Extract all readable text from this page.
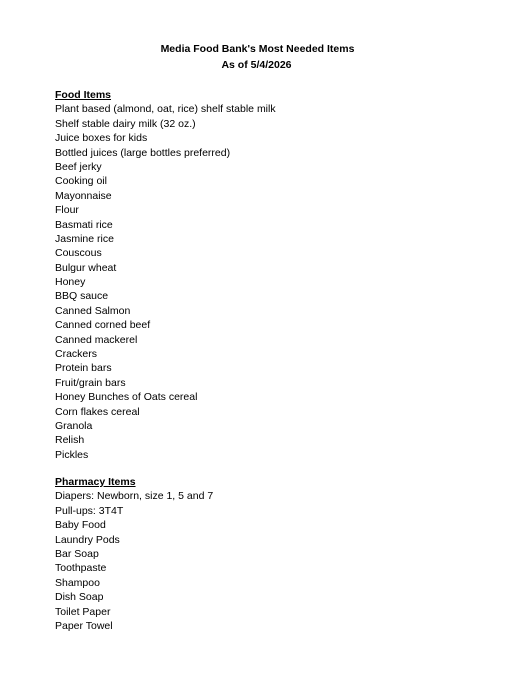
Media Food Bank's Most Needed Items
As of 5/4/2026
Food Items
Plant based (almond, oat, rice) shelf stable milk
Shelf stable dairy milk (32 oz.)
Juice boxes for kids
Bottled juices (large bottles preferred)
Beef jerky
Cooking oil
Mayonnaise
Flour
Basmati rice
Jasmine rice
Couscous
Bulgur wheat
Honey
BBQ sauce
Canned Salmon
Canned corned beef
Canned mackerel
Crackers
Protein bars
Fruit/grain bars
Honey Bunches of Oats cereal
Corn flakes cereal
Granola
Relish
Pickles
Pharmacy Items
Diapers: Newborn, size 1, 5 and 7
Pull-ups: 3T4T
Baby Food
Laundry Pods
Bar Soap
Toothpaste
Shampoo
Dish Soap
Toilet Paper
Paper Towel
